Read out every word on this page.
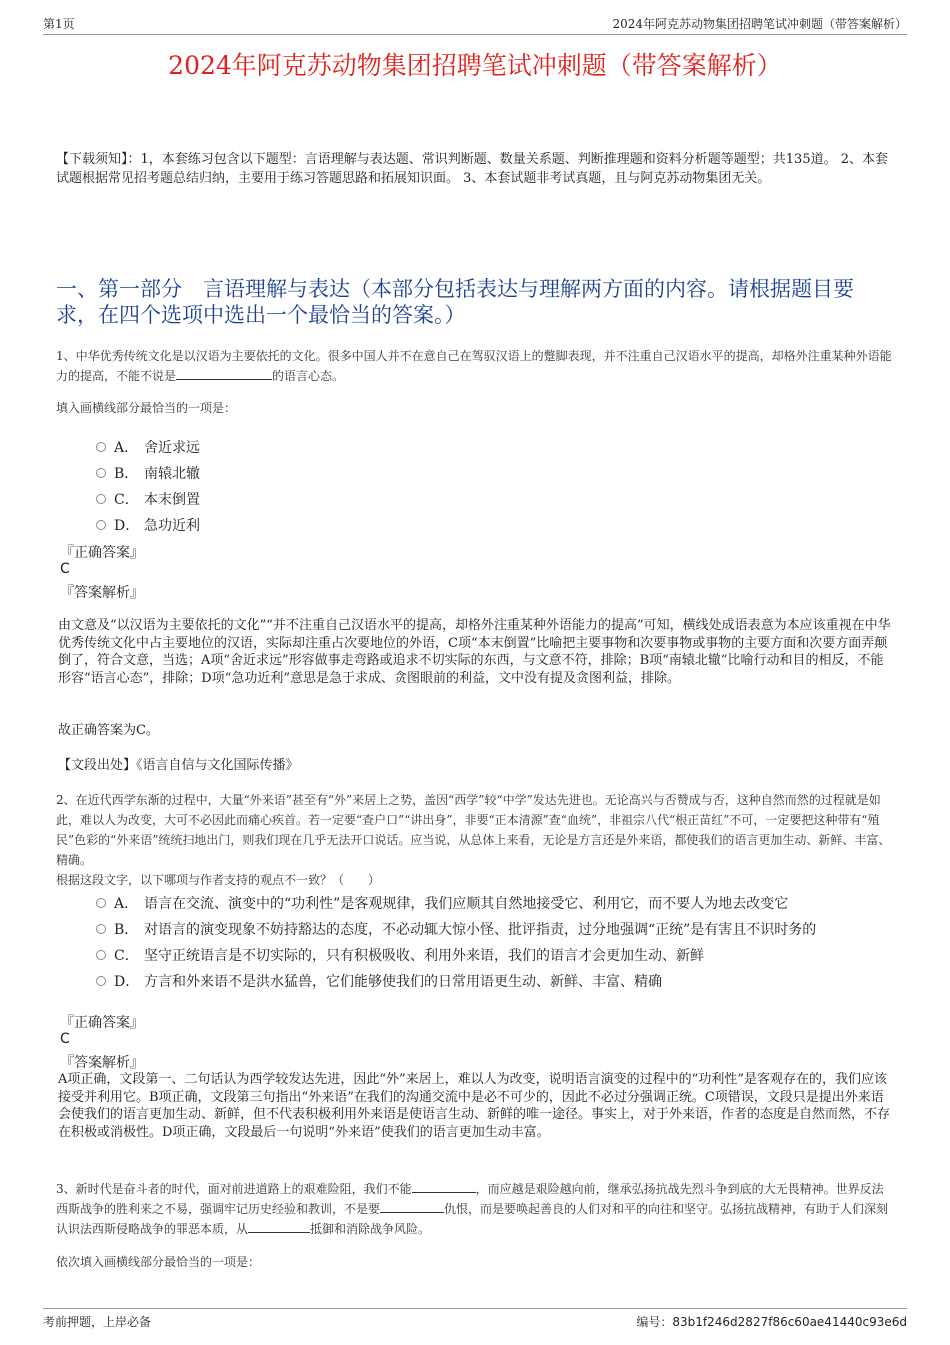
第1页	2024年阿克苏动物集团招聘笔试冲刺题（带答案解析）
2024年阿克苏动物集团招聘笔试冲刺题（带答案解析）
【下载须知】：1，本套练习包含以下题型：言语理解与表达题、常识判断题、数量关系题、判断推理题和资料分析题等题型；共135道。 2、本套试题根据常见招考题总结归纳，主要用于练习答题思路和拓展知识面。 3、本套试题非考试真题，且与阿克苏动物集团无关。
一、第一部分　言语理解与表达（本部分包括表达与理解两方面的内容。请根据题目要求，在四个选项中选出一个最恰当的答案。）
1、中华优秀传统文化是以汉语为主要依托的文化。很多中国人并不在意自己在驾驭汉语上的蹩脚表现，并不注重自己汉语水平的提高，却格外注重某种外语能力的提高，不能不说是	的语言心态。
填入画横线部分最恰当的一项是：
A． 舍近求远
B． 南辕北辙
C． 本末倒置
D． 急功近利
『正确答案』
C
『答案解析』
由文意及“以汉语为主要依托的文化”“并不注重自己汉语水平的提高，却格外注重某种外语能力的提高”可知，横线处成语表意为本应该重视在中华优秀传统文化中占主要地位的汉语，实际却注重占次要地位的外语，C项“本末倒置”比喻把主要事物和次要事物或事物的主要方面和次要方面弄颠倒了，符合文意，当选；A项“舍近求远”形容做事走弯路或追求不切实际的东西，与文意不符，排除；B项“南辕北辙”比喻行动和目的相反，不能形容“语言心态”，排除；D项“急功近利”意思是急于求成、贪图眼前的利益，文中没有提及贪图利益，排除。
故正确答案为C。
【文段出处】《语言自信与文化国际传播》
2、在近代西学东渐的过程中，大量“外来语”甚至有“外”来居上之势，盖因“西学”较“中学”发达先进也。无论高兴与否赞成与否，这种自然而然的过程就是如此，难以人为改变，大可不必因此而痛心疾首。若一定要“查户口”“讲出身”，非要“正本清源”查“血统”，非祖宗八代“根正苗红”不可，一定要把这种带有“殖民”色彩的“外来语”统统扫地出门，则我们现在几乎无法开口说话。应当说，从总体上来看，无论是方言还是外来语，都使我们的语言更加生动、新鲜、丰富、精确。
根据这段文字，以下哪项与作者支持的观点不一致？（　　）
A． 语言在交流、演变中的“功利性”是客观规律，我们应顺其自然地接受它、利用它，而不要人为地去改变它
B． 对语言的演变现象不妨持豁达的态度，不必动辄大惊小怪、批评指责，过分地强调“正统”是有害且不识时务的
C． 坚守正统语言是不切实际的，只有积极吸收、利用外来语，我们的语言才会更加生动、新鲜
D． 方言和外来语不是洪水猛兽，它们能够使我们的日常用语更生动、新鲜、丰富、精确
『正确答案』
C
『答案解析』
A项正确，文段第一、二句话认为西学较发达先进，因此“外”来居上，难以人为改变，说明语言演变的过程中的“功利性”是客观存在的，我们应该接受并利用它。B项正确，文段第三句指出“外来语”在我们的沟通交流中是必不可少的，因此不必过分强调正统。C项错误，文段只是提出外来语会使我们的语言更加生动、新鲜，但不代表积极利用外来语是使语言生动、新鲜的唯一途径。事实上，对于外来语，作者的态度是自然而然，不存在积极或消极性。D项正确，文段最后一句说明“外来语”使我们的语言更加生动丰富。
3、新时代是奋斗者的时代，面对前进道路上的艰难险阻，我们不能	，而应越是艰险越向前，继承弘扬抗战先烈斗争到底的大无畏精神。世界反法西斯战争的胜利来之不易，强调牢记历史经验和教训，不是要	仇恨，而是要唤起善良的人们对和平的向往和坚守。弘扬抗战精神，有助于人们深刻认识法西斯侵略战争的罪恶本质，从	抵御和消除战争风险。
依次填入画横线部分最恰当的一项是：
考前押题，上岸必备	编号：83b1f246d2827f86c60ae41440c93e6d
